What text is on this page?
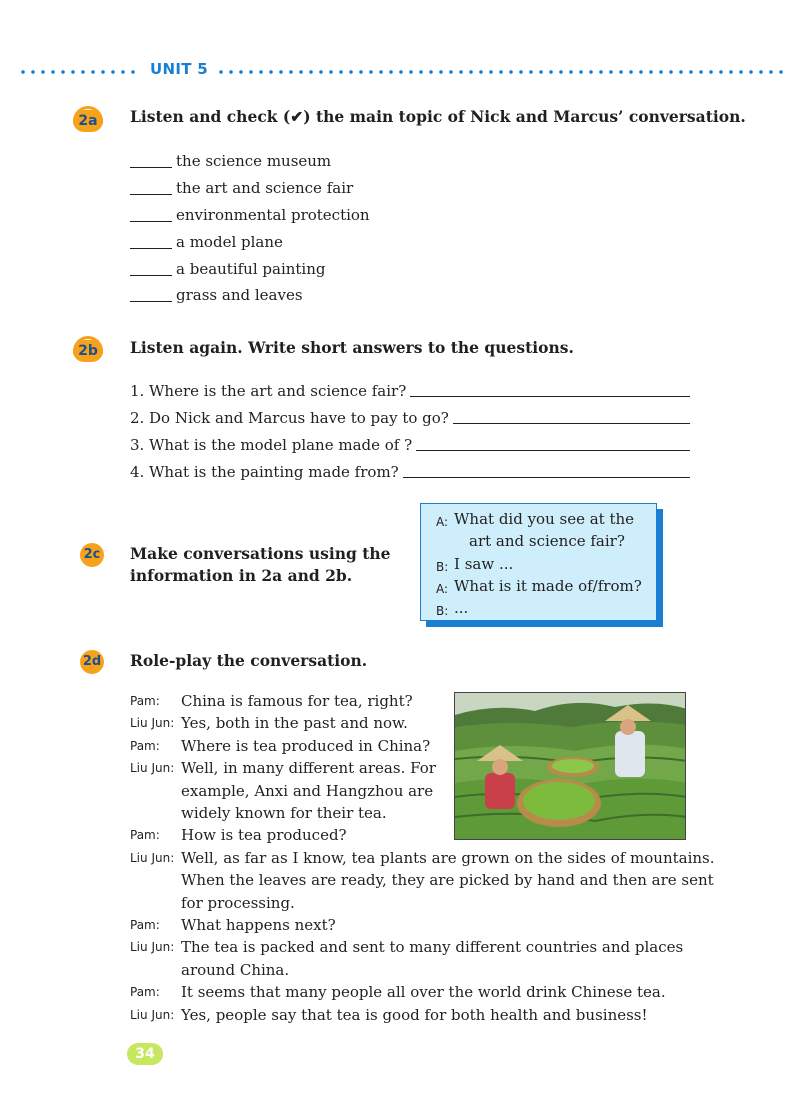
UNIT 5
2a	Listen and check (✔) the main topic of Nick and Marcus’ conversation.
the science museum
the art and science fair
environmental protection
a model plane
a beautiful painting
grass and leaves
2b	Listen again. Write short answers to the questions.
1. Where is the art and science fair?
2. Do Nick and Marcus have to pay to go?
3. What is the model plane made of ?
4. What is the painting made from?
2c Make conversations using the
information in 2a and 2b.
A: What did you see at the
art and science fair?
B: I saw ...
A: What is it made of/from?
B: ...
2d Role-play the conversation.
Pam:	China is famous for tea, right?
Liu Jun: Yes, both in the past and now.
Pam:	Where is tea produced in China?
Liu Jun: Well, in many different areas. For
example, Anxi and Hangzhou are
widely known for their tea.
Pam:	How is tea produced?
Liu Jun: Well, as far as I know, tea plants are grown on the sides of mountains.
When the leaves are ready, they are picked by hand and then are sent
for processing.
Pam:	What happens next?
Liu Jun: The tea is packed and sent to many different countries and places
around China.
Pam:	It seems that many people all over the world drink Chinese tea.
Liu Jun: Yes, people say that tea is good for both health and business!
34
